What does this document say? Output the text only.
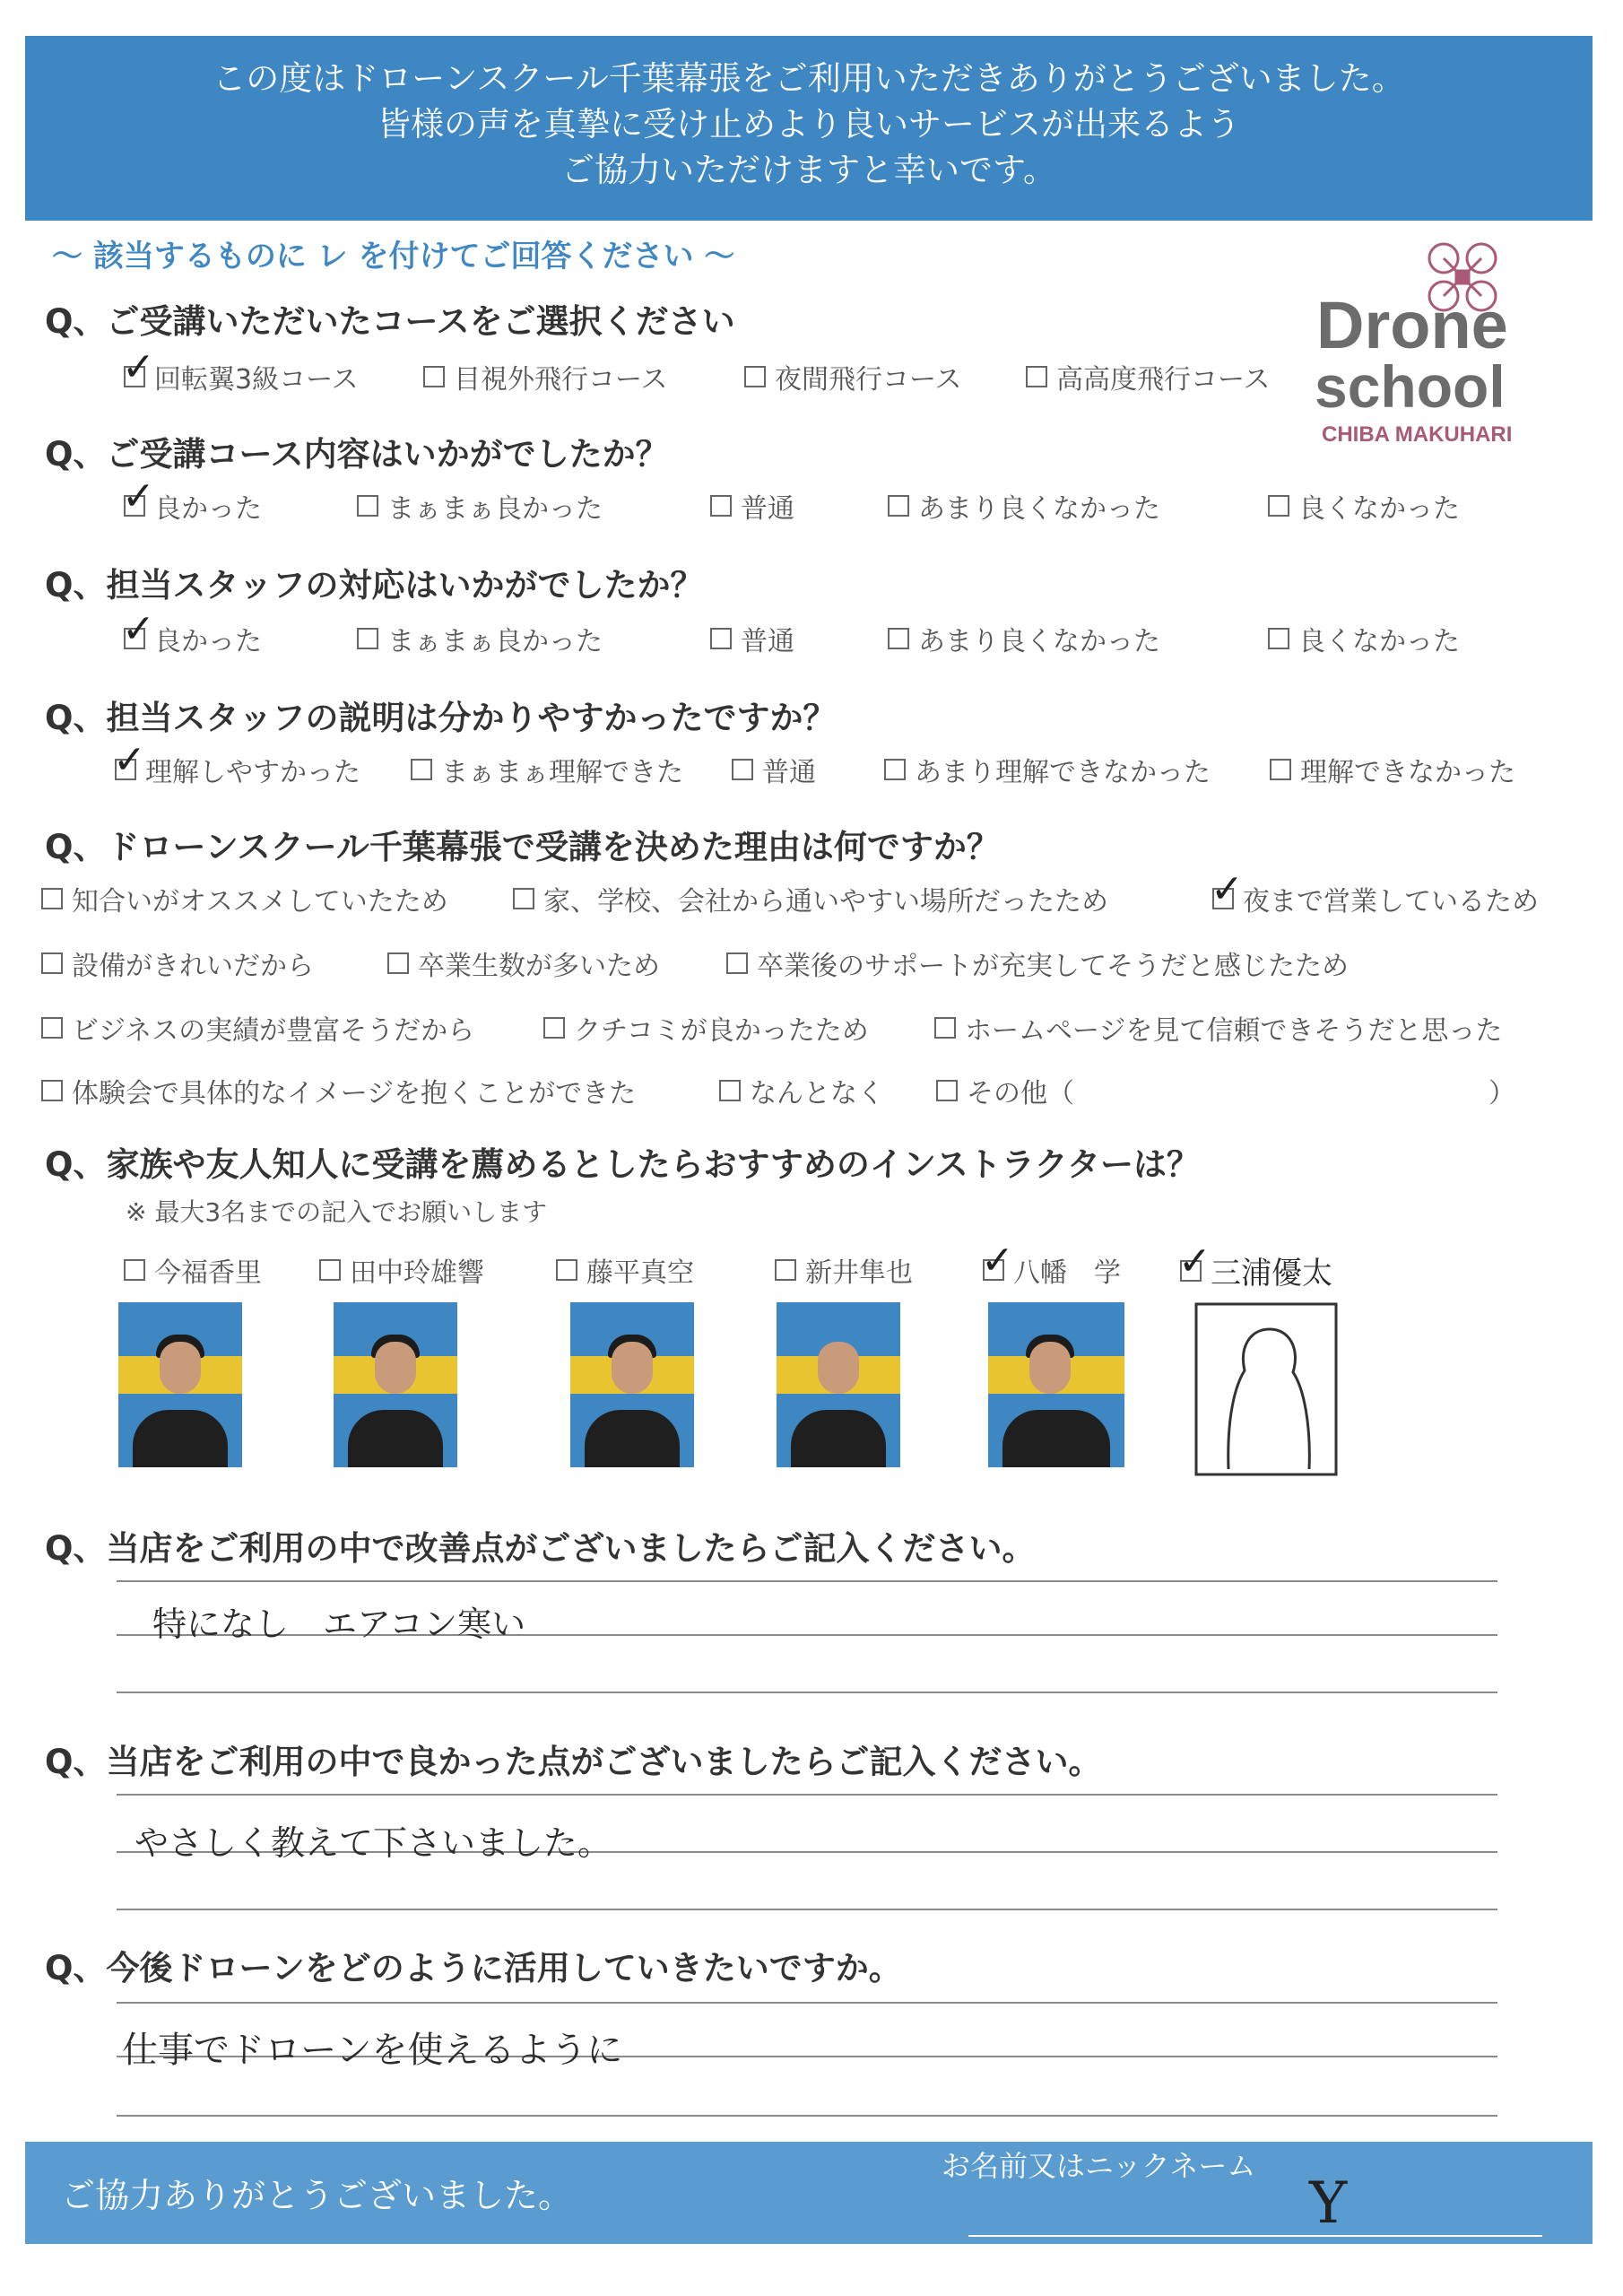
この度はドローンスクール千葉幕張をご利用いただきありがとうございました。
皆様の声を真摯に受け止めより良いサービスが出来るよう
ご協力いただけますと幸いです。
～ 該当するものに レ を付けてご回答ください ～
Drone
school
CHIBA MAKUHARI
Q、ご受講いただいたコースをご選択ください
✓ 回転翼3級コース	目視外飛行コース	夜間飛行コース	高高度飛行コース
Q、ご受講コース内容はいかがでしたか？
✓ 良かった	まぁまぁ良かった	普通	あまり良くなかった	良くなかった
Q、担当スタッフの対応はいかがでしたか？
✓ 良かった	まぁまぁ良かった	普通	あまり良くなかった	良くなかった
Q、担当スタッフの説明は分かりやすかったですか？
✓ 理解しやすかった	まぁまぁ理解できた	普通	あまり理解できなかった	理解できなかった
Q、ドローンスクール千葉幕張で受講を決めた理由は何ですか？
知合いがオススメしていたため	家、学校、会社から通いやすい場所だったため	✓ 夜まで営業しているため
設備がきれいだから	卒業生数が多いため	卒業後のサポートが充実してそうだと感じたため
ビジネスの実績が豊富そうだから	クチコミが良かったため	ホームページを見て信頼できそうだと思った
体験会で具体的なイメージを抱くことができた	なんとなく	その他（	）
Q、家族や友人知人に受講を薦めるとしたらおすすめのインストラクターは？
※ 最大3名までの記入でお願いします
今福香里	田中玲雄響	藤平真空	新井隼也 ✓ 八幡　学 ✓ 三浦優太
Q、当店をご利用の中で改善点がございましたらご記入ください。
特になし　エアコン寒い
Q、当店をご利用の中で良かった点がございましたらご記入ください。
やさしく教えて下さいました。
Q、今後ドローンをどのように活用していきたいですか。
仕事でドローンを使えるように
ご協力ありがとうございました。
お名前又はニックネーム
Y
